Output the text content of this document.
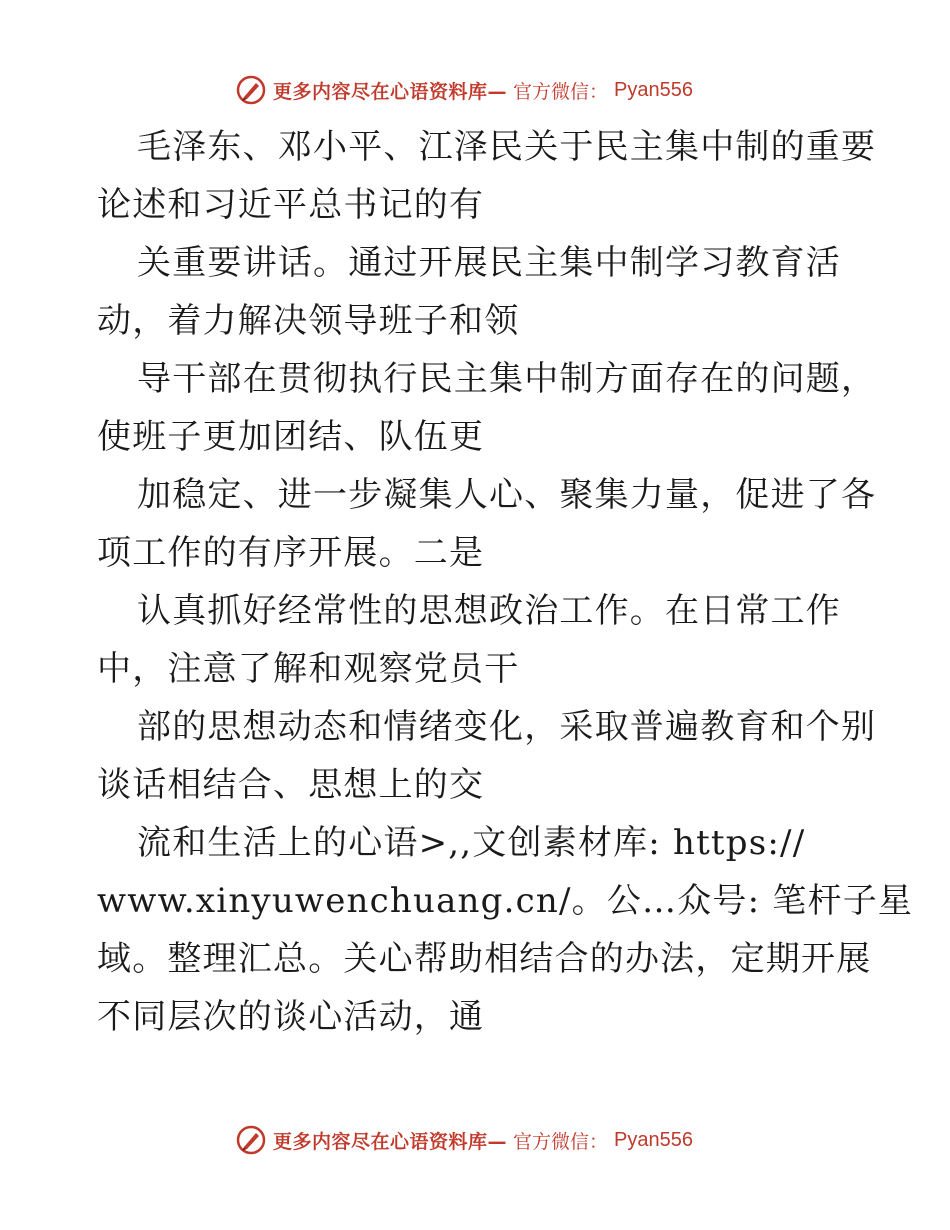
更多内容尽在心语资料库— 官方微信： Pyan556
毛泽东、邓小平、江泽民关于民主集中制的重要
论述和习近平总书记的有
关重要讲话。通过开展民主集中制学习教育活
动，着力解决领导班子和领
导干部在贯彻执行民主集中制方面存在的问题，
使班子更加团结、队伍更
加稳定、进一步凝集人心、聚集力量，促进了各
项工作的有序开展。二是
认真抓好经常性的思想政治工作。在日常工作
中，注意了解和观察党员干
部的思想动态和情绪变化，采取普遍教育和个别
谈话相结合、思想上的交
流和生活上的心语>,,文创素材库: https://
www.xinyuwenchuang.cn/。公…众号: 笔杆子星
域。整理汇总。关心帮助相结合的办法，定期开展
不同层次的谈心活动，通
更多内容尽在心语资料库— 官方微信： Pyan556
